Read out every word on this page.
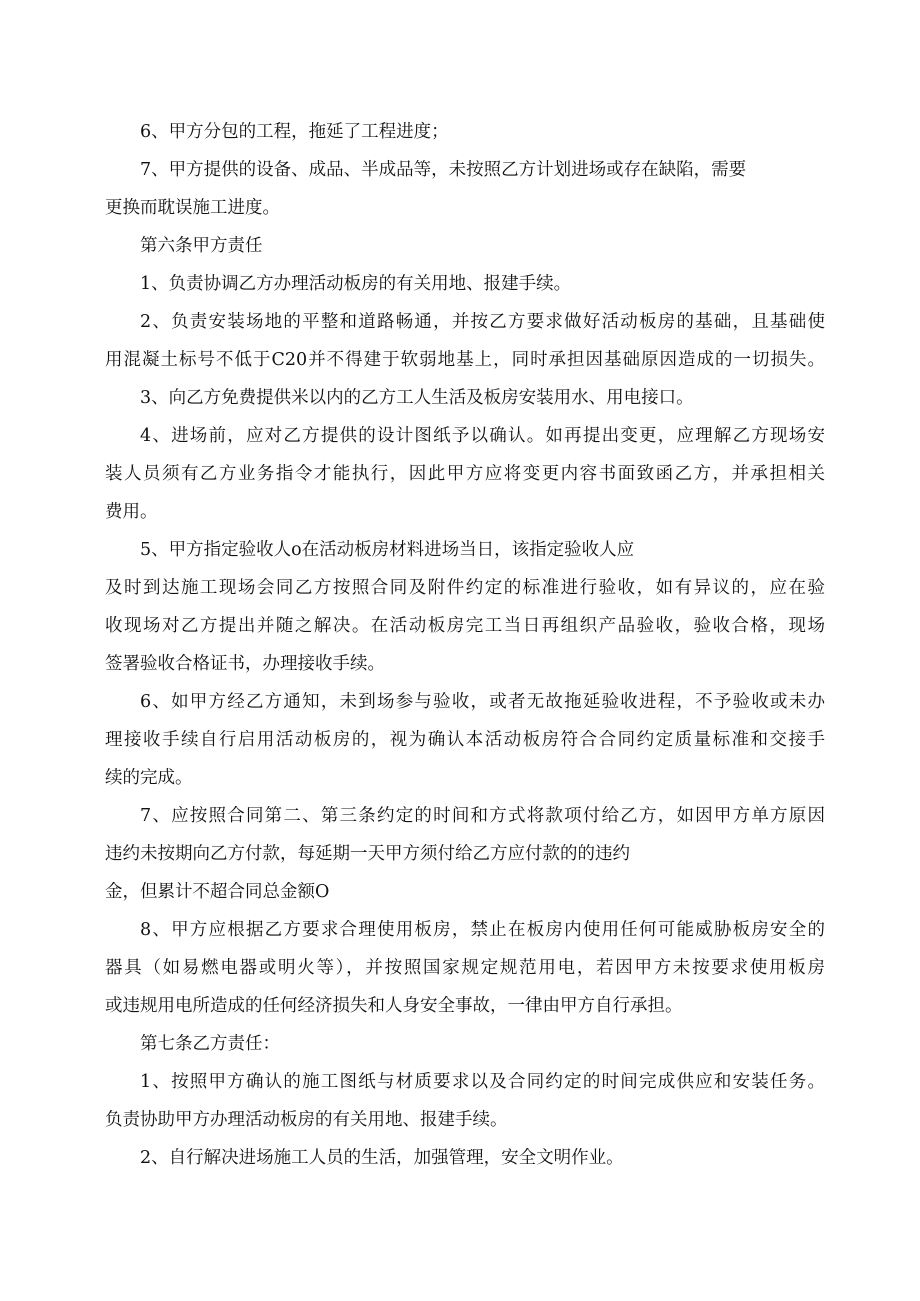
6、甲方分包的工程，拖延了工程进度；
7、甲方提供的设备、成品、半成品等，未按照乙方计划进场或存在缺陷，需要
更换而耽误施工进度。
第六条甲方责任
1、负责协调乙方办理活动板房的有关用地、报建手续。
2、负责安装场地的平整和道路畅通，并按乙方要求做好活动板房的基础，且基础使
用混凝土标号不低于C20并不得建于软弱地基上，同时承担因基础原因造成的一切损失。
3、向乙方免费提供米以内的乙方工人生活及板房安装用水、用电接口。
4、进场前，应对乙方提供的设计图纸予以确认。如再提出变更，应理解乙方现场安
装人员须有乙方业务指令才能执行，因此甲方应将变更内容书面致函乙方，并承担相关
费用。
5、甲方指定验收人o在活动板房材料进场当日，该指定验收人应
及时到达施工现场会同乙方按照合同及附件约定的标准进行验收，如有异议的，应在验
收现场对乙方提出并随之解决。在活动板房完工当日再组织产品验收，验收合格，现场
签署验收合格证书，办理接收手续。
6、如甲方经乙方通知，未到场参与验收，或者无故拖延验收进程，不予验收或未办
理接收手续自行启用活动板房的，视为确认本活动板房符合合同约定质量标准和交接手
续的完成。
7、应按照合同第二、第三条约定的时间和方式将款项付给乙方，如因甲方单方原因
违约未按期向乙方付款，每延期一天甲方须付给乙方应付款的的违约
金，但累计不超合同总金额O
8、甲方应根据乙方要求合理使用板房，禁止在板房内使用任何可能威胁板房安全的
器具（如易燃电器或明火等），并按照国家规定规范用电，若因甲方未按要求使用板房
或违规用电所造成的任何经济损失和人身安全事故，一律由甲方自行承担。
第七条乙方责任：
1、按照甲方确认的施工图纸与材质要求以及合同约定的时间完成供应和安装任务。
负责协助甲方办理活动板房的有关用地、报建手续。
2、自行解决进场施工人员的生活，加强管理，安全文明作业。
